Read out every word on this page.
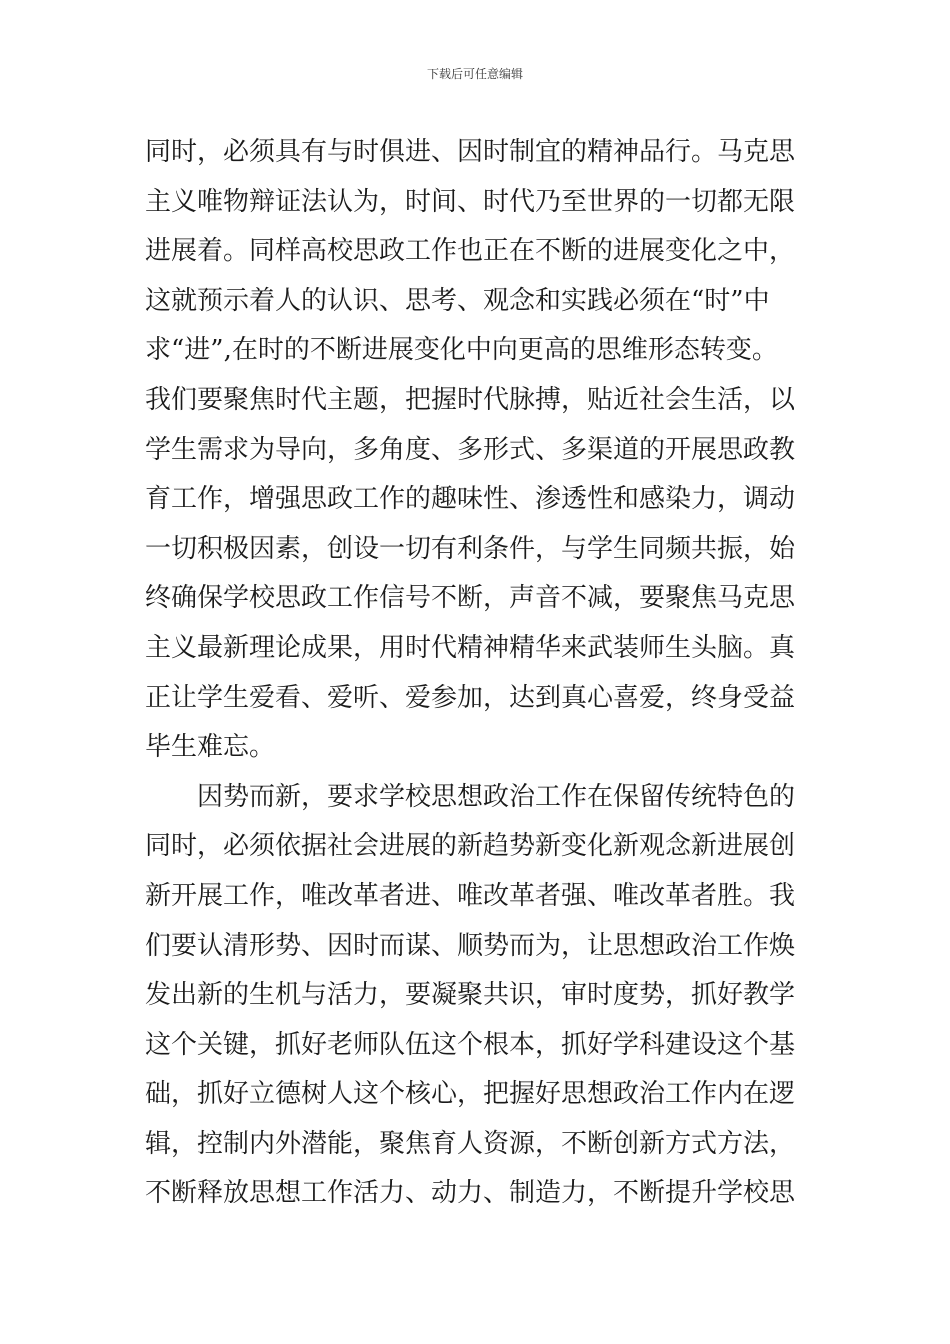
下载后可任意编辑
同时，必须具有与时俱进、因时制宜的精神品行。马克思
主义唯物辩证法认为，时间、时代乃至世界的一切都无限
进展着。同样高校思政工作也正在不断的进展变化之中，
这就预示着人的认识、思考、观念和实践必须在“时”中
求“进”,在时的不断进展变化中向更高的思维形态转变。
我们要聚焦时代主题，把握时代脉搏，贴近社会生活，以
学生需求为导向，多角度、多形式、多渠道的开展思政教
育工作，增强思政工作的趣味性、渗透性和感染力，调动
一切积极因素，创设一切有利条件，与学生同频共振，始
终确保学校思政工作信号不断，声音不减，要聚焦马克思
主义最新理论成果，用时代精神精华来武装师生头脑。真
正让学生爱看、爱听、爱参加，达到真心喜爱，终身受益
毕生难忘。
因势而新，要求学校思想政治工作在保留传统特色的
同时，必须依据社会进展的新趋势新变化新观念新进展创
新开展工作，唯改革者进、唯改革者强、唯改革者胜。我
们要认清形势、因时而谋、顺势而为，让思想政治工作焕
发出新的生机与活力，要凝聚共识，审时度势，抓好教学
这个关键，抓好老师队伍这个根本，抓好学科建设这个基
础，抓好立德树人这个核心，把握好思想政治工作内在逻
辑，控制内外潜能，聚焦育人资源，不断创新方式方法，
不断释放思想工作活力、动力、制造力，不断提升学校思
